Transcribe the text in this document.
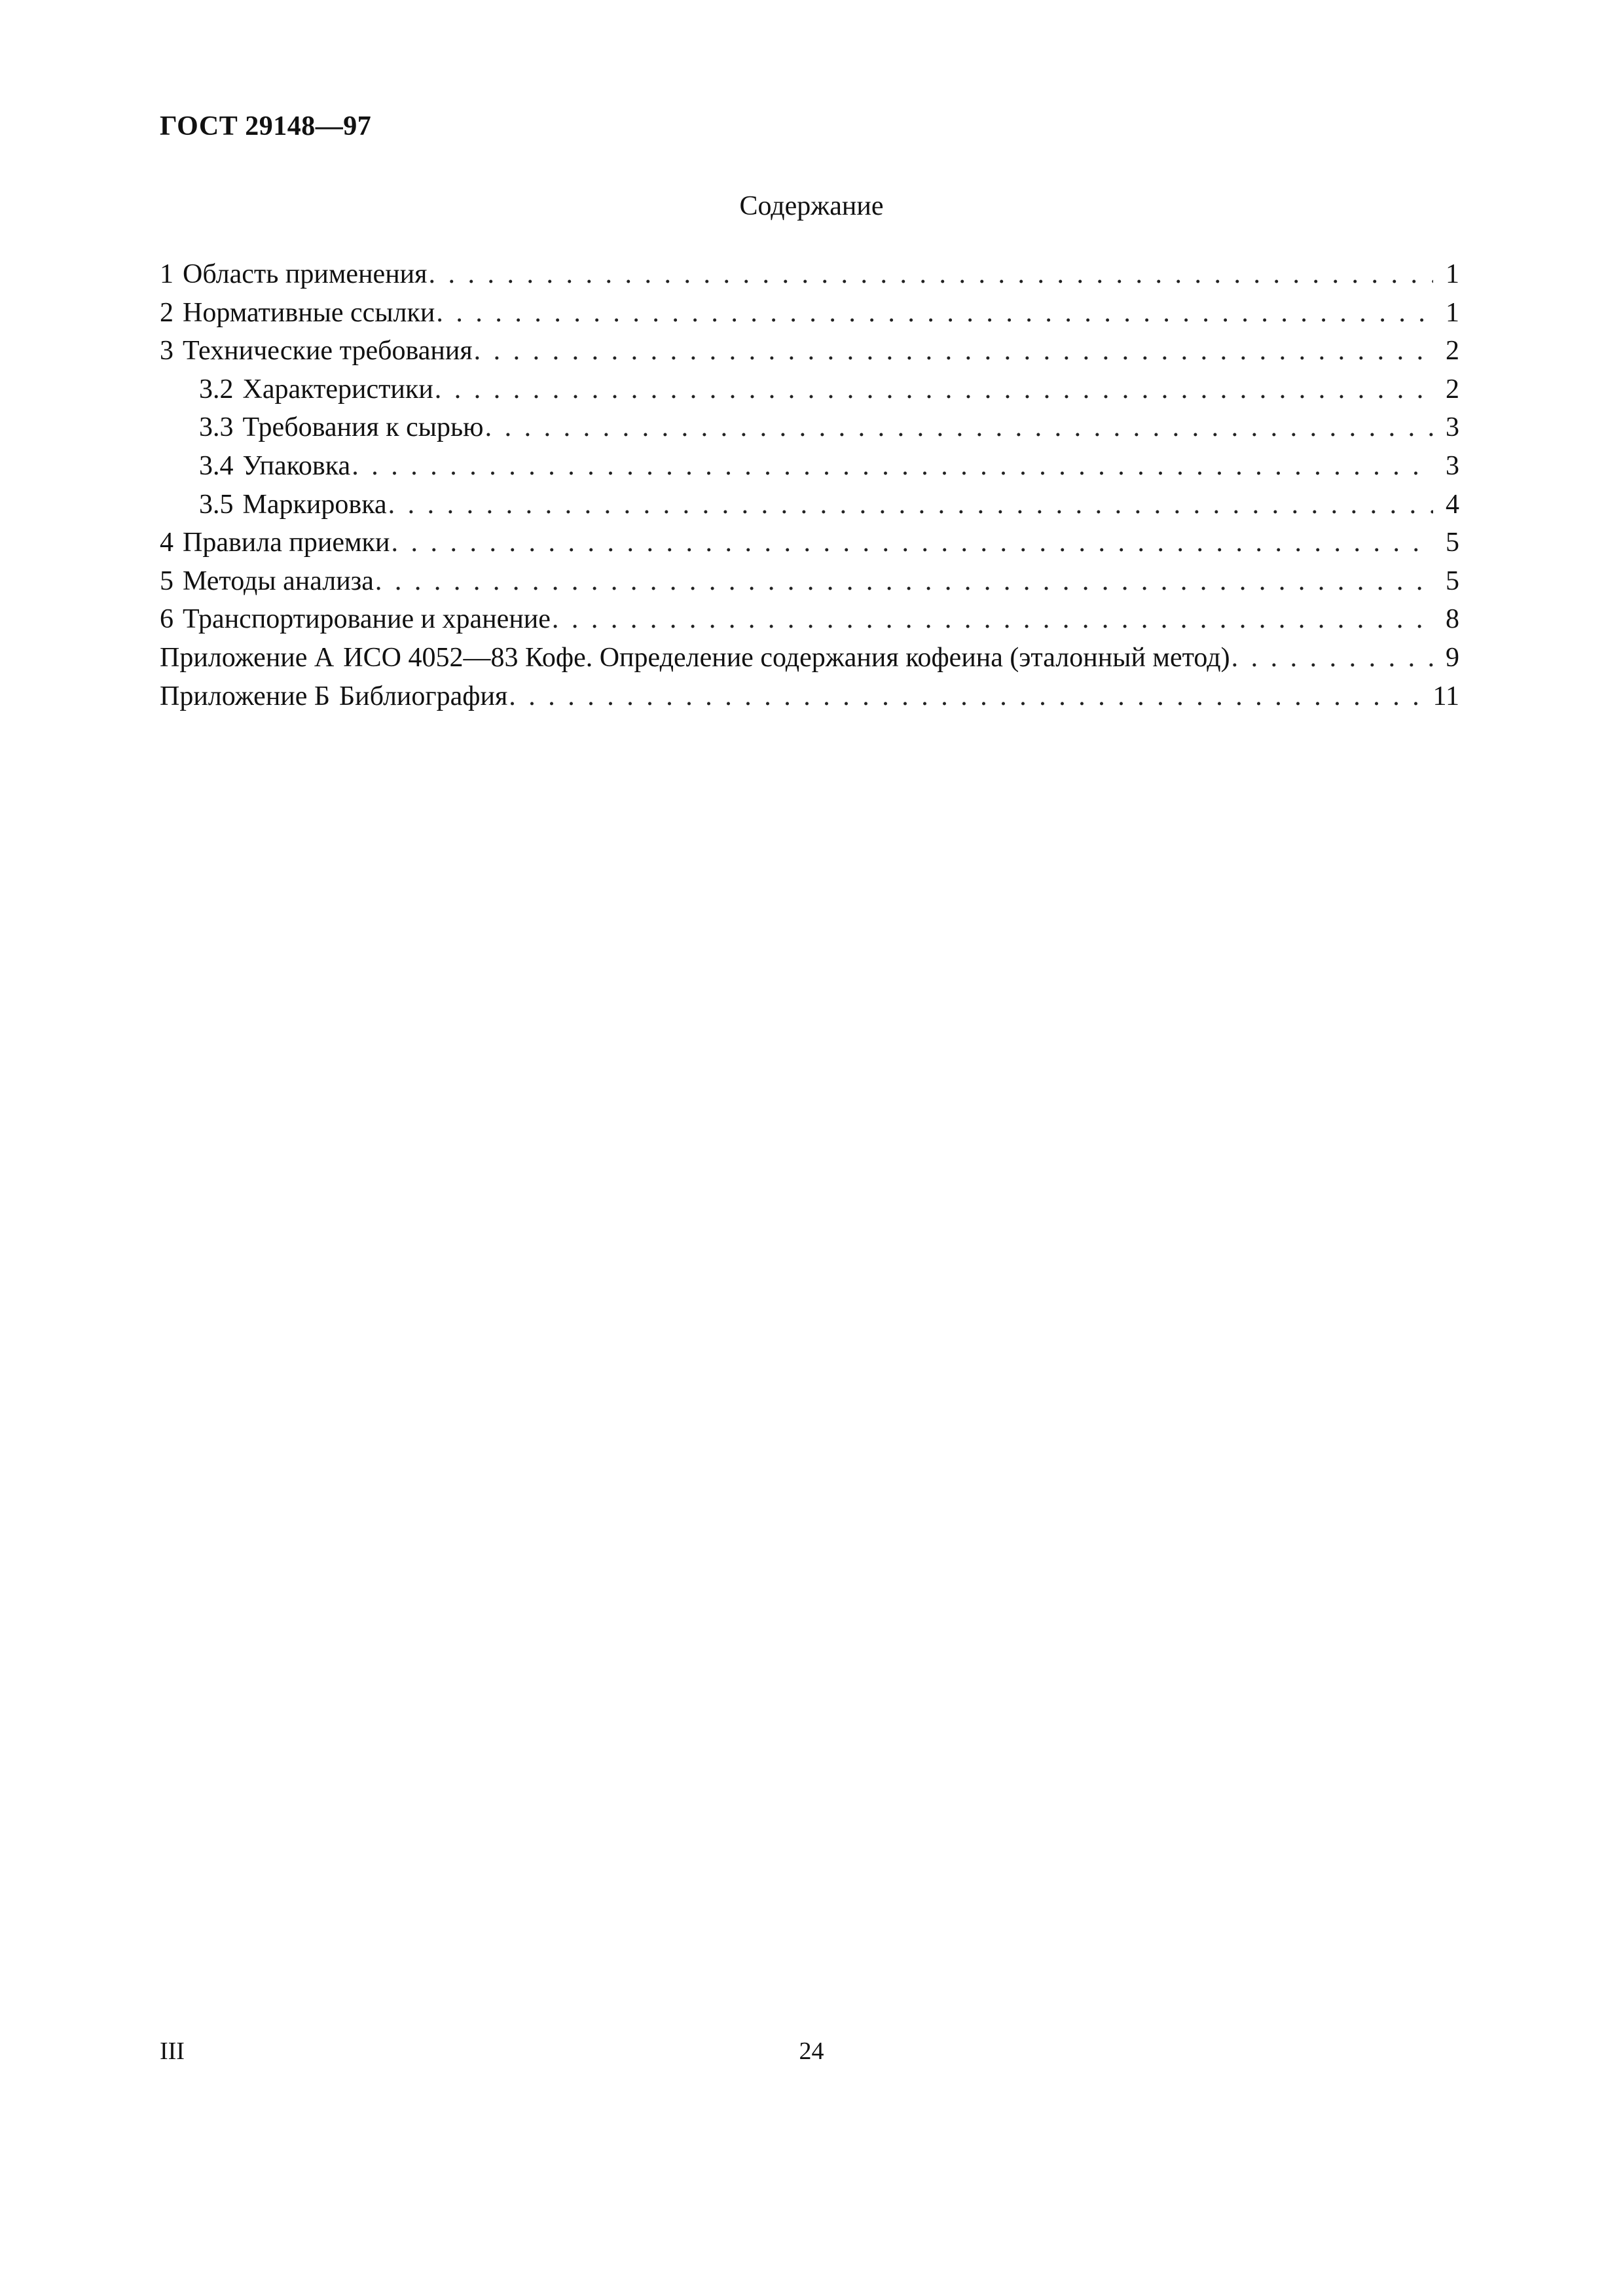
ГОСТ 29148—97
Содержание
1 Область применения . . .	1
2 Нормативные ссылки . . .	1
3 Технические требования . . .	2
3.2 Характеристики . . .	2
3.3 Требования к сырью . . .	3
3.4 Упаковка . . .	3
3.5 Маркировка . . .	4
4 Правила приемки . . .	5
5 Методы анализа . . .	5
6 Транспортирование и хранение . . .	8
Приложение А ИСО 4052—83 Кофе. Определение содержания кофеина (эталонный метод) . . .	9
Приложение Б Библиография . . .	11
III	24
